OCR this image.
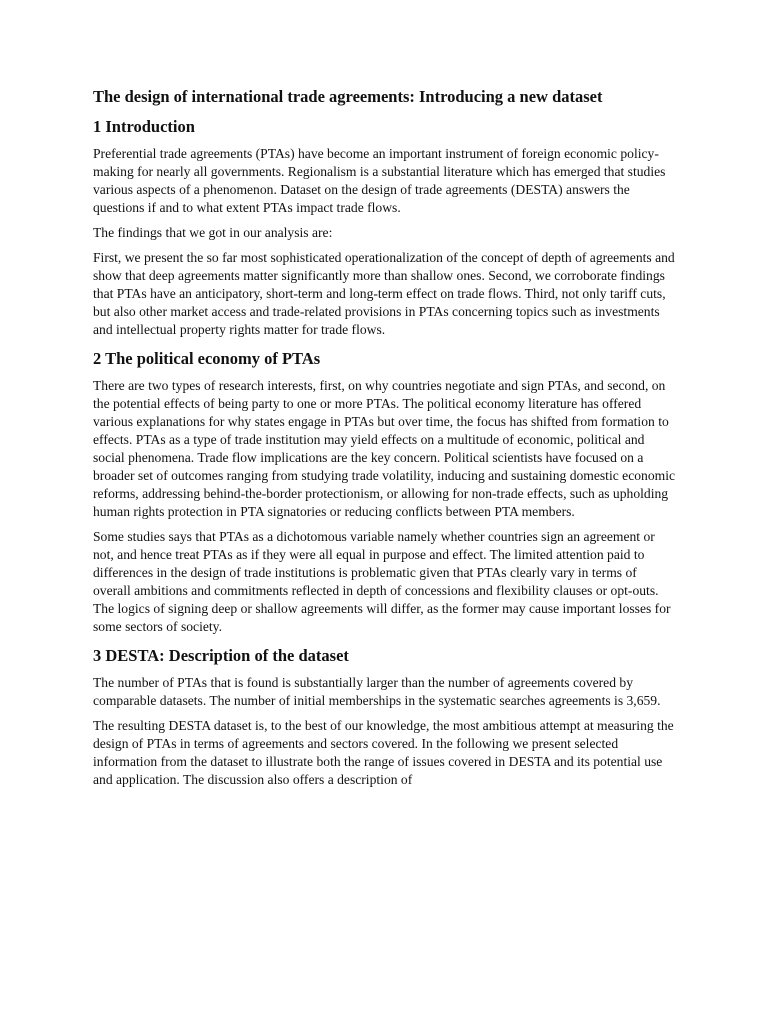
The design of international trade agreements: Introducing a new dataset
1 Introduction

Preferential trade agreements (PTAs) have become an important instrument of foreign economic policy-making for nearly all governments. Regionalism is a substantial literature which has emerged that studies various aspects of a phenomenon. Dataset on the design of trade agreements (DESTA) answers the questions if and to what extent PTAs impact trade flows.

The findings that we got in our analysis are:

First, we present the so far most sophisticated operationalization of the concept of depth of agreements and show that deep agreements matter significantly more than shallow ones. Second, we corroborate findings that PTAs have an anticipatory, short-term and long-term effect on trade flows. Third, not only tariff cuts, but also other market access and trade-related provisions in PTAs concerning topics such as investments and intellectual property rights matter for trade flows.

2 The political economy of PTAs

There are two types of research interests, first, on why countries negotiate and sign PTAs, and second, on the potential effects of being party to one or more PTAs. The political economy literature has offered various explanations for why states engage in PTAs but over time, the focus has shifted from formation to effects. PTAs as a type of trade institution may yield effects on a multitude of economic, political and social phenomena. Trade flow implications are the key concern. Political scientists have focused on a broader set of outcomes ranging from studying trade volatility, inducing and sustaining domestic economic reforms, addressing behind-the-border protectionism, or allowing for non-trade effects, such as upholding human rights protection in PTA signatories or reducing conflicts between PTA members.

Some studies says that PTAs as a dichotomous variable namely whether countries sign an agreement or not, and hence treat PTAs as if they were all equal in purpose and effect. The limited attention paid to differences in the design of trade institutions is problematic given that PTAs clearly vary in terms of overall ambitions and commitments reflected in depth of concessions and flexibility clauses or opt-outs. The logics of signing deep or shallow agreements will differ, as the former may cause important losses for some sectors of society.

3 DESTA: Description of the dataset

The number of PTAs that is found is substantially larger than the number of agreements covered by comparable datasets. The number of initial memberships in the systematic searches agreements is 3,659.

The resulting DESTA dataset is, to the best of our knowledge, the most ambitious attempt at measuring the design of PTAs in terms of agreements and sectors covered. In the following we present selected information from the dataset to illustrate both the range of issues covered in DESTA and its potential use and application. The discussion also offers a description of
